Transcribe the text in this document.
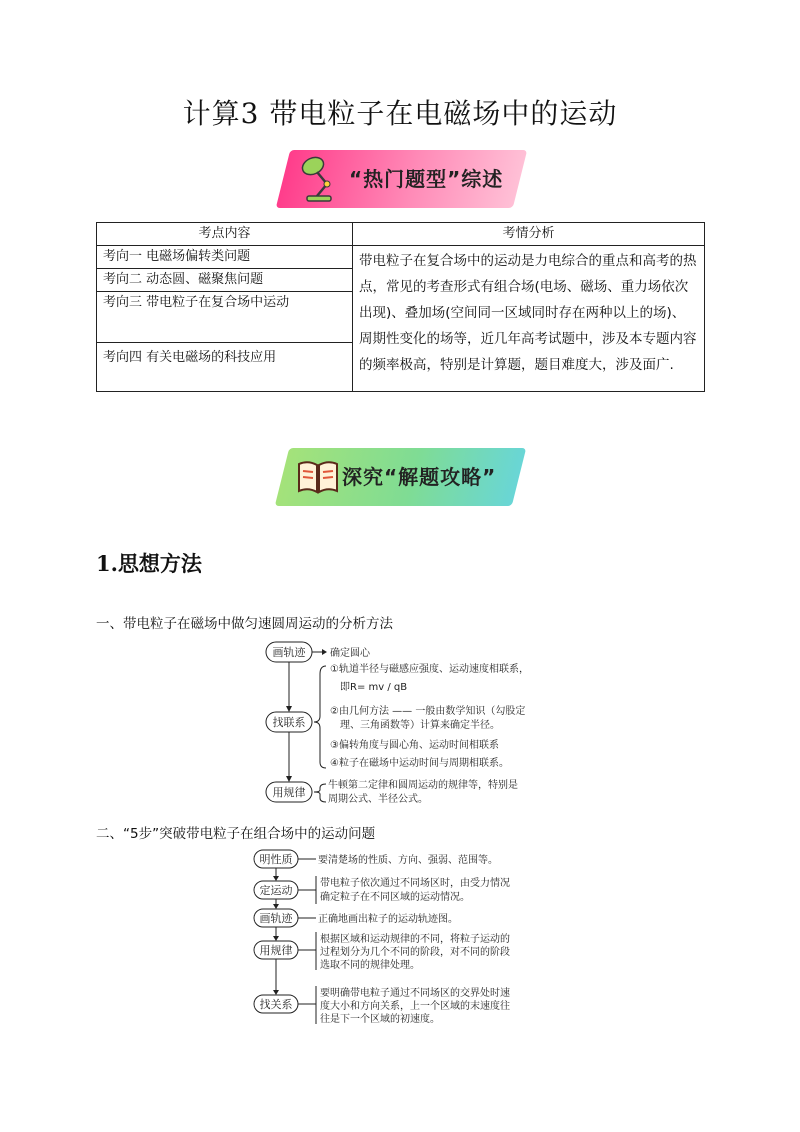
计算3 带电粒子在电磁场中的运动
“热门题型”综述
考点内容	考情分析
考向一 电磁场偏转类问题	带电粒子在复合场中的运动是力电综合的重点和高考的热点，常见的考查形式有组合场(电场、磁场、重力场依次出现)、叠加场(空间同一区域同时存在两种以上的场)、周期性变化的场等，近几年高考试题中，涉及本专题内容的频率极高，特别是计算题，题目难度大，涉及面广.
考向二 动态圆、磁聚焦问题	
考向三 带电粒子在复合场中运动	
考向四 有关电磁场的科技应用	
深究“解题攻略”
1.思想方法
一、带电粒子在磁场中做匀速圆周运动的分析方法
画轨迹 确定圆心
找联系
①轨道半径与磁感应强度、运动速度相联系，
即R= mv / qB
②由几何方法 —— 一般由数学知识（勾股定
理、三角函数等）计算来确定半径。
③偏转角度与圆心角、运动时间相联系
④粒子在磁场中运动时间与周期相联系。
用规律
牛顿第二定律和圆周运动的规律等，特别是
周期公式、半径公式。
二、“5步”突破带电粒子在组合场中的运动问题
明性质	要清楚场的性质、方向、强弱、范围等。
定运动
带电粒子依次通过不同场区时，由受力情况
确定粒子在不同区域的运动情况。
画轨迹	正确地画出粒子的运动轨迹图。
用规律
根据区域和运动规律的不同，将粒子运动的
过程划分为几个不同的阶段，对不同的阶段
选取不同的规律处理。
找关系
要明确带电粒子通过不同场区的交界处时速
度大小和方向关系，上一个区域的末速度往
往是下一个区域的初速度。
